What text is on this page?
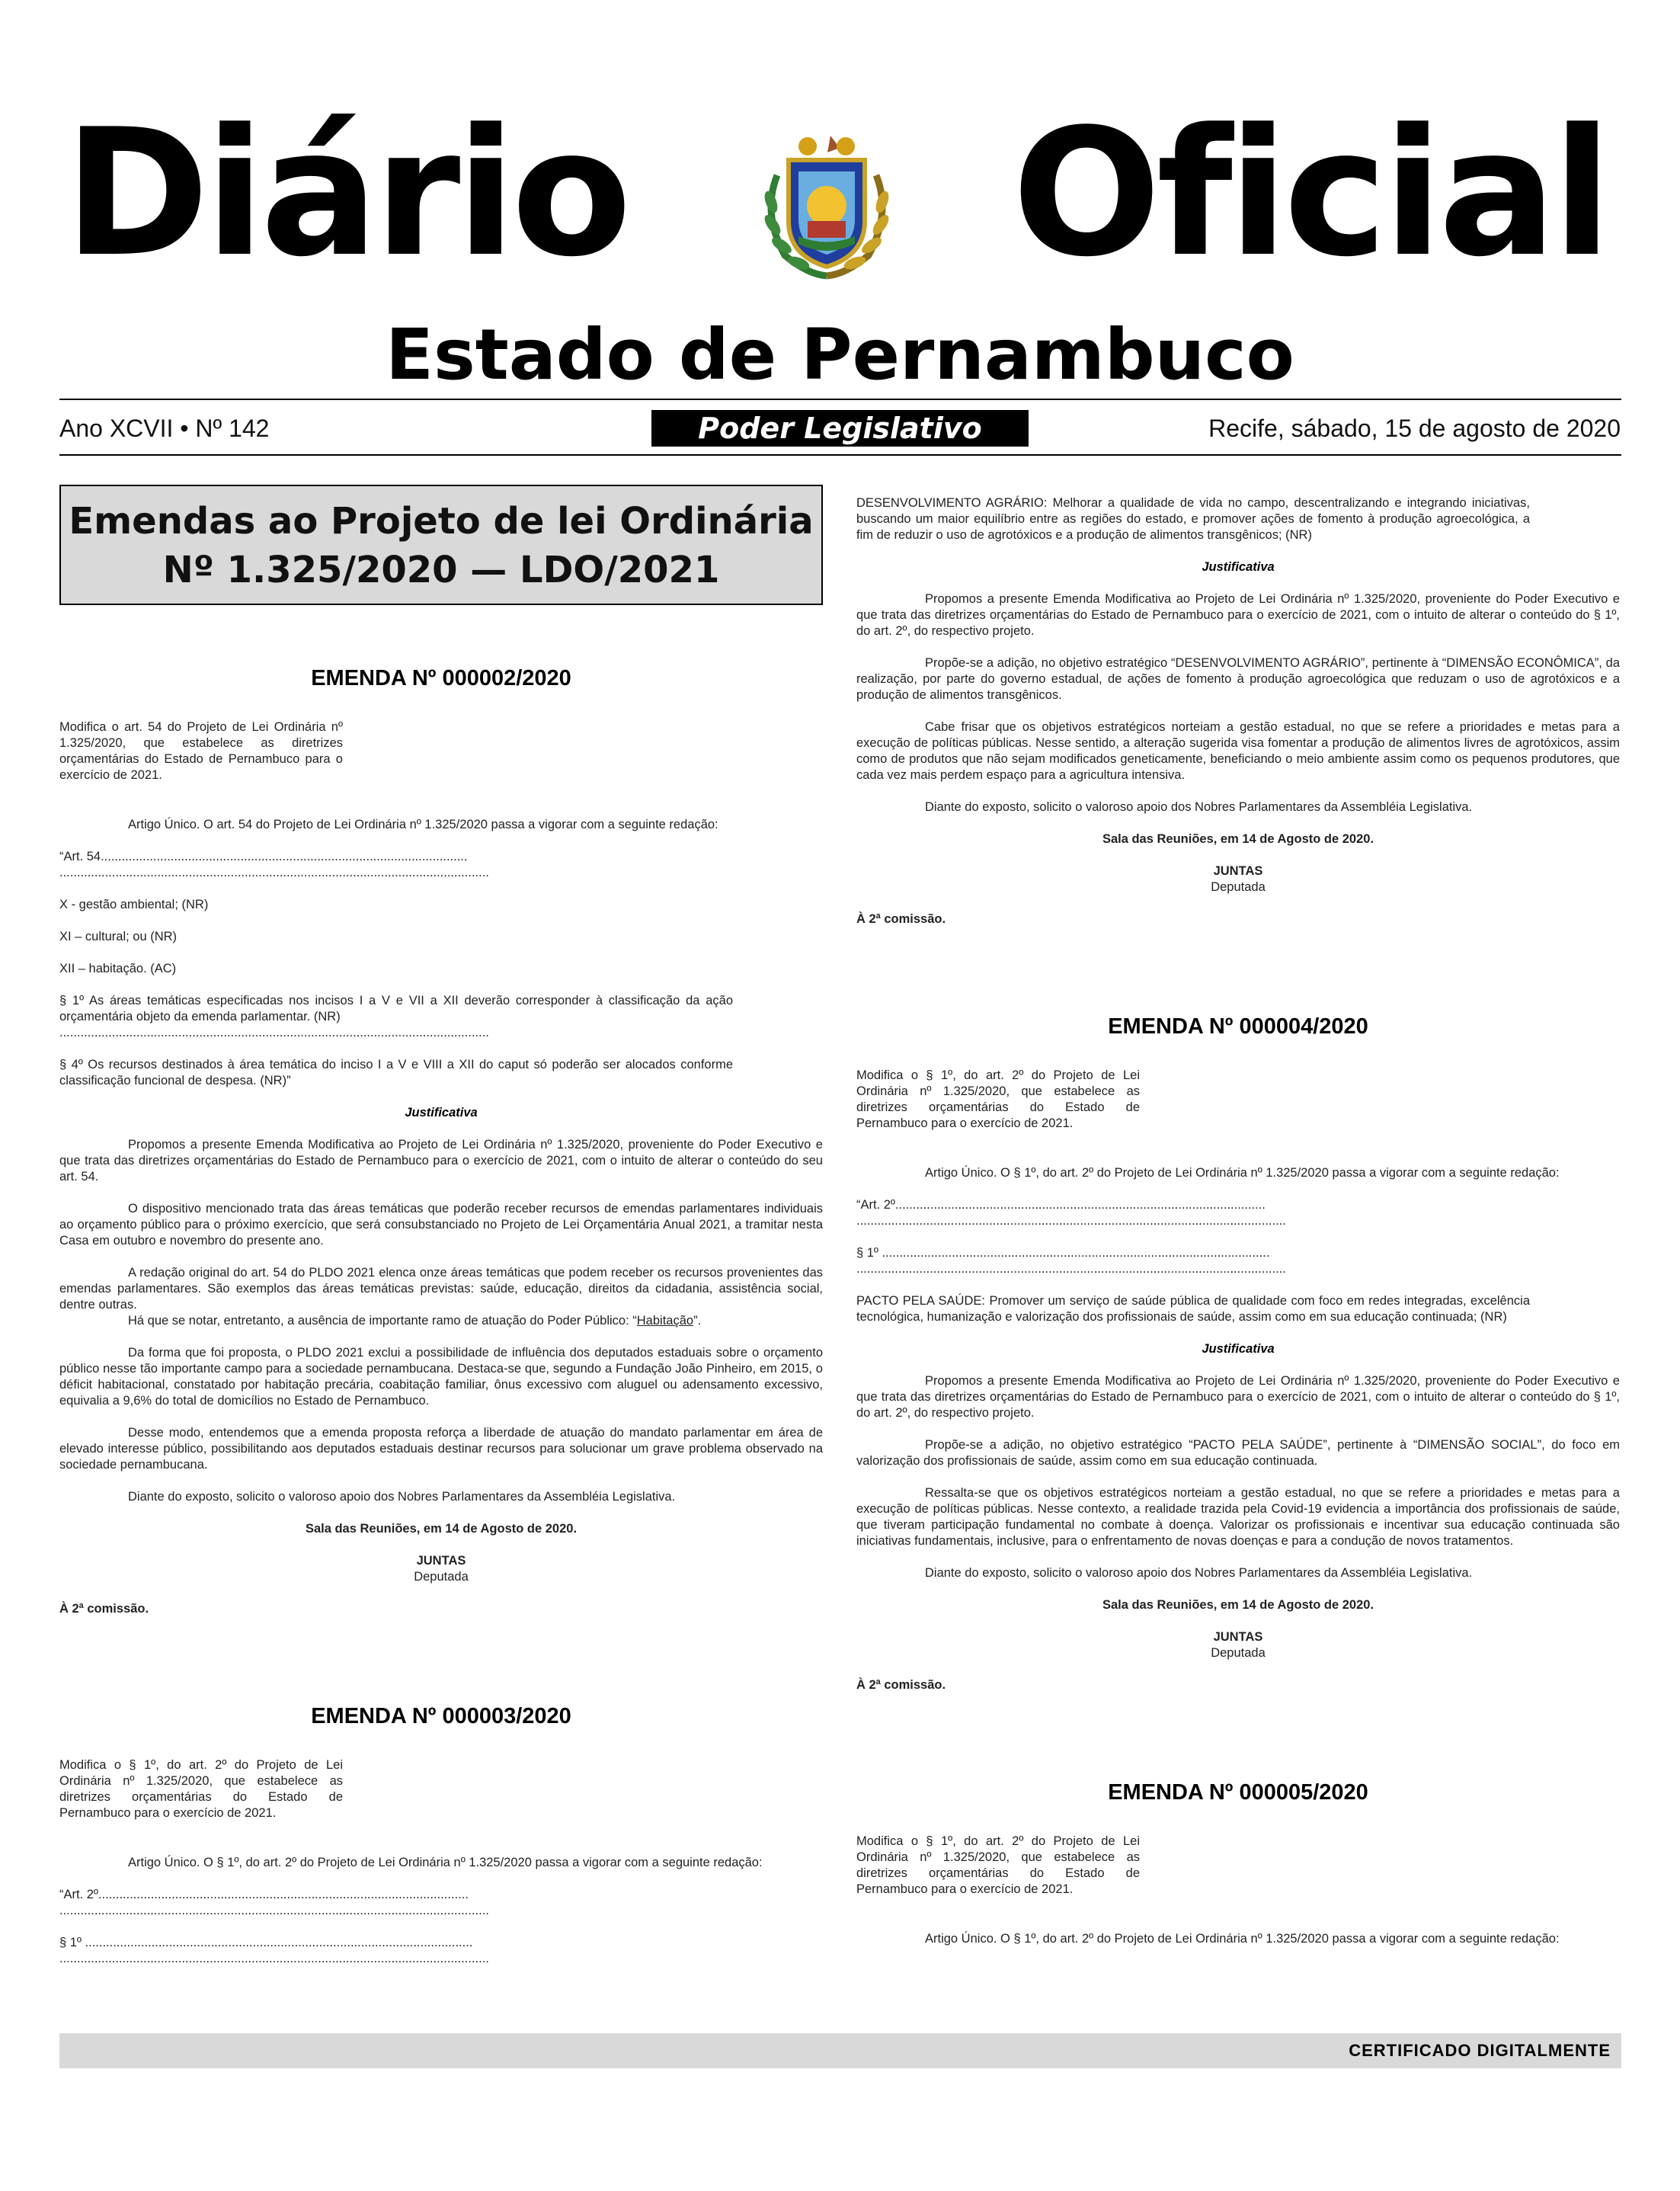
Diário Oficial
Estado de Pernambuco
Ano XCVII • Nº 142	Poder Legislativo	Recife, sábado, 15 de agosto de 2020
Emendas ao Projeto de lei Ordinária
Nº 1.325/2020 — LDO/2021

EMENDA Nº 000002/2020

Modifica o art. 54 do Projeto de Lei Ordinária nº 1.325/2020, que estabelece as diretrizes orçamentárias do Estado de Pernambuco para o exercício de 2021.

Artigo Único. O art. 54 do Projeto de Lei Ordinária nº 1.325/2020 passa a vigorar com a seguinte redação:

“Art. 54.........................................................................................................

...........................................................................................................................

X - gestão ambiental; (NR)

XI – cultural; ou (NR)

XII – habitação. (AC)

§ 1º As áreas temáticas especificadas nos incisos I a V e VII a XII deverão corresponder à classificação da ação orçamentária objeto da emenda parlamentar. (NR)

...........................................................................................................................

§ 4º Os recursos destinados à área temática do inciso I a V e VIII a XII do caput só poderão ser alocados conforme classificação funcional de despesa. (NR)”

Justificativa

Propomos a presente Emenda Modificativa ao Projeto de Lei Ordinária nº 1.325/2020, proveniente do Poder Executivo e que trata das diretrizes orçamentárias do Estado de Pernambuco para o exercício de 2021, com o intuito de alterar o conteúdo do seu art. 54.

O dispositivo mencionado trata das áreas temáticas que poderão receber recursos de emendas parlamentares individuais ao orçamento público para o próximo exercício, que será consubstanciado no Projeto de Lei Orçamentária Anual 2021, a tramitar nesta Casa em outubro e novembro do presente ano.

A redação original do art. 54 do PLDO 2021 elenca onze áreas temáticas que podem receber os recursos provenientes das emendas parlamentares. São exemplos das áreas temáticas previstas: saúde, educação, direitos da cidadania, assistência social, dentre outras.

Há que se notar, entretanto, a ausência de importante ramo de atuação do Poder Público: “Habitação”.

Da forma que foi proposta, o PLDO 2021 exclui a possibilidade de influência dos deputados estaduais sobre o orçamento público nesse tão importante campo para a sociedade pernambucana. Destaca-se que, segundo a Fundação João Pinheiro, em 2015, o déficit habitacional, constatado por habitação precária, coabitação familiar, ônus excessivo com aluguel ou adensamento excessivo, equivalia a 9,6% do total de domicílios no Estado de Pernambuco.

Desse modo, entendemos que a emenda proposta reforça a liberdade de atuação do mandato parlamentar em área de elevado interesse público, possibilitando aos deputados estaduais destinar recursos para solucionar um grave problema observado na sociedade pernambucana.

Diante do exposto, solicito o valoroso apoio dos Nobres Parlamentares da Assembléia Legislativa.

Sala das Reuniões, em 14 de Agosto de 2020.

JUNTAS

Deputada

À 2ª comissão.

EMENDA Nº 000003/2020

Modifica o § 1º, do art. 2º do Projeto de Lei Ordinária nº 1.325/2020, que estabelece as diretrizes orçamentárias do Estado de Pernambuco para o exercício de 2021.

Artigo Único. O § 1º, do art. 2º do Projeto de Lei Ordinária nº 1.325/2020 passa a vigorar com a seguinte redação:

“Art. 2º..........................................................................................................

...........................................................................................................................

§ 1º ...............................................................................................................

...........................................................................................................................

DESENVOLVIMENTO AGRÁRIO: Melhorar a qualidade de vida no campo, descentralizando e integrando iniciativas, buscando um maior equilíbrio entre as regiões do estado, e promover ações de fomento à produção agroecológica, a fim de reduzir o uso de agrotóxicos e a produção de alimentos transgênicos; (NR)

Justificativa

Propomos a presente Emenda Modificativa ao Projeto de Lei Ordinária nº 1.325/2020, proveniente do Poder Executivo e que trata das diretrizes orçamentárias do Estado de Pernambuco para o exercício de 2021, com o intuito de alterar o conteúdo do § 1º, do art. 2º, do respectivo projeto.

Propõe-se a adição, no objetivo estratégico “DESENVOLVIMENTO AGRÁRIO”, pertinente à “DIMENSÃO ECONÔMICA”, da realização, por parte do governo estadual, de ações de fomento à produção agroecológica que reduzam o uso de agrotóxicos e a produção de alimentos transgênicos.

Cabe frisar que os objetivos estratégicos norteiam a gestão estadual, no que se refere a prioridades e metas para a execução de políticas públicas. Nesse sentido, a alteração sugerida visa fomentar a produção de alimentos livres de agrotóxicos, assim como de produtos que não sejam modificados geneticamente, beneficiando o meio ambiente assim como os pequenos produtores, que cada vez mais perdem espaço para a agricultura intensiva.

Diante do exposto, solicito o valoroso apoio dos Nobres Parlamentares da Assembléia Legislativa.

Sala das Reuniões, em 14 de Agosto de 2020.

JUNTAS

Deputada

À 2ª comissão.

EMENDA Nº 000004/2020

Modifica o § 1º, do art. 2º do Projeto de Lei Ordinária nº 1.325/2020, que estabelece as diretrizes orçamentárias do Estado de Pernambuco para o exercício de 2021.

Artigo Único. O § 1º, do art. 2º do Projeto de Lei Ordinária nº 1.325/2020 passa a vigorar com a seguinte redação:

“Art. 2º..........................................................................................................

...........................................................................................................................

§ 1º ...............................................................................................................

...........................................................................................................................

PACTO PELA SAÚDE: Promover um serviço de saúde pública de qualidade com foco em redes integradas, excelência tecnológica, humanização e valorização dos profissionais de saúde, assim como em sua educação continuada; (NR)

Justificativa

Propomos a presente Emenda Modificativa ao Projeto de Lei Ordinária nº 1.325/2020, proveniente do Poder Executivo e que trata das diretrizes orçamentárias do Estado de Pernambuco para o exercício de 2021, com o intuito de alterar o conteúdo do § 1º, do art. 2º, do respectivo projeto.

Propõe-se a adição, no objetivo estratégico “PACTO PELA SAÚDE”, pertinente à “DIMENSÃO SOCIAL”, do foco em valorização dos profissionais de saúde, assim como em sua educação continuada.

Ressalta-se que os objetivos estratégicos norteiam a gestão estadual, no que se refere a prioridades e metas para a execução de políticas públicas. Nesse contexto, a realidade trazida pela Covid-19 evidencia a importância dos profissionais de saúde, que tiveram participação fundamental no combate à doença. Valorizar os profissionais e incentivar sua educação continuada são iniciativas fundamentais, inclusive, para o enfrentamento de novas doenças e para a condução de novos tratamentos.

Diante do exposto, solicito o valoroso apoio dos Nobres Parlamentares da Assembléia Legislativa.

Sala das Reuniões, em 14 de Agosto de 2020.

JUNTAS

Deputada

À 2ª comissão.

EMENDA Nº 000005/2020

Modifica o § 1º, do art. 2º do Projeto de Lei Ordinária nº 1.325/2020, que estabelece as diretrizes orçamentárias do Estado de Pernambuco para o exercício de 2021.

Artigo Único. O § 1º, do art. 2º do Projeto de Lei Ordinária nº 1.325/2020 passa a vigorar com a seguinte redação:

CERTIFICADO DIGITALMENTE
